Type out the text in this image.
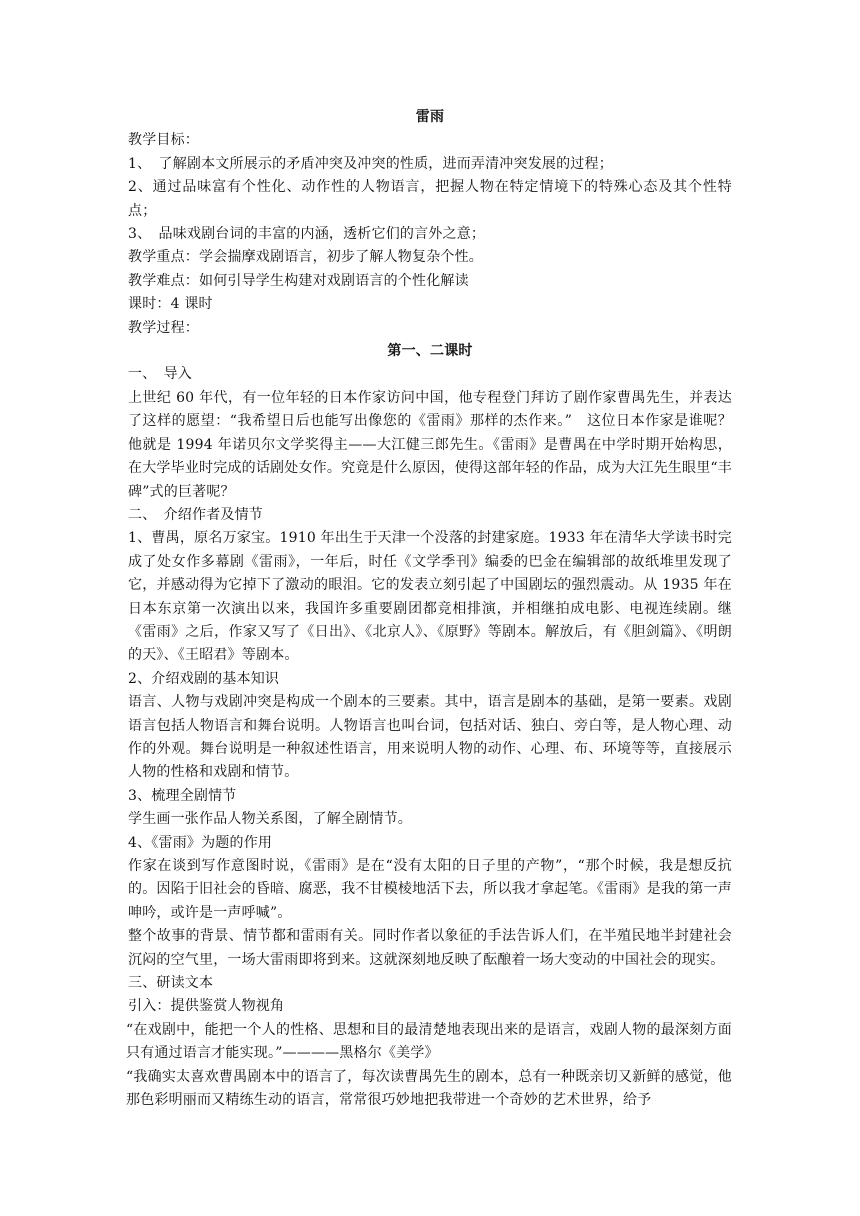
雷雨

教学目标：

1、　了解剧本文所展示的矛盾冲突及冲突的性质，进而弄清冲突发展的过程；

2、通过品味富有个性化、动作性的人物语言，把握人物在特定情境下的特殊心态及其个性特点；

3、　品味戏剧台词的丰富的内涵，透析它们的言外之意；

教学重点：学会揣摩戏剧语言，初步了解人物复杂个性。

教学难点：如何引导学生构建对戏剧语言的个性化解读

课时：4 课时

教学过程：

第一、二课时

一、　导入

上世纪 60 年代，有一位年轻的日本作家访问中国，他专程登门拜访了剧作家曹禺先生，并表达了这样的愿望：“我希望日后也能写出像您的《雷雨》那样的杰作来。”　这位日本作家是谁呢？他就是 1994 年诺贝尔文学奖得主——大江健三郎先生。《雷雨》是曹禺在中学时期开始构思，在大学毕业时完成的话剧处女作。究竟是什么原因，使得这部年轻的作品，成为大江先生眼里“丰碑”式的巨著呢？

二、　介绍作者及情节

1、曹禺，原名万家宝。1910 年出生于天津一个没落的封建家庭。1933 年在清华大学读书时完成了处女作多幕剧《雷雨》，一年后，时任《文学季刊》编委的巴金在编辑部的故纸堆里发现了它，并感动得为它掉下了激动的眼泪。它的发表立刻引起了中国剧坛的强烈震动。从 1935 年在日本东京第一次演出以来，我国许多重要剧团都竞相排演，并相继拍成电影、电视连续剧。继《雷雨》之后，作家又写了《日出》、《北京人》、《原野》等剧本。解放后，有《胆剑篇》、《明朗的天》、《王昭君》等剧本。

2、介绍戏剧的基本知识

语言、人物与戏剧冲突是构成一个剧本的三要素。其中，语言是剧本的基础，是第一要素。戏剧语言包括人物语言和舞台说明。人物语言也叫台词，包括对话、独白、旁白等，是人物心理、动作的外观。舞台说明是一种叙述性语言，用来说明人物的动作、心理、布、环境等等，直接展示人物的性格和戏剧和情节。

3、梳理全剧情节

学生画一张作品人物关系图，了解全剧情节。

4、《雷雨》为题的作用

作家在谈到写作意图时说，《雷雨》是在“没有太阳的日子里的产物”，“那个时候，我是想反抗的。因陷于旧社会的昏暗、腐恶，我不甘模棱地活下去，所以我才拿起笔。《雷雨》是我的第一声呻吟，或许是一声呼喊”。

整个故事的背景、情节都和雷雨有关。同时作者以象征的手法告诉人们，在半殖民地半封建社会沉闷的空气里，一场大雷雨即将到来。这就深刻地反映了酝酿着一场大变动的中国社会的现实。

三、研读文本

引入：提供鉴赏人物视角

“在戏剧中，能把一个人的性格、思想和目的最清楚地表现出来的是语言，戏剧人物的最深刻方面只有通过语言才能实现。”————黑格尔《美学》

“我确实太喜欢曹禺剧本中的语言了，每次读曹禺先生的剧本，总有一种既亲切又新鲜的感觉，他那色彩明丽而又精练生动的语言，常常很巧妙地把我带进一个奇妙的艺术世界，给予
